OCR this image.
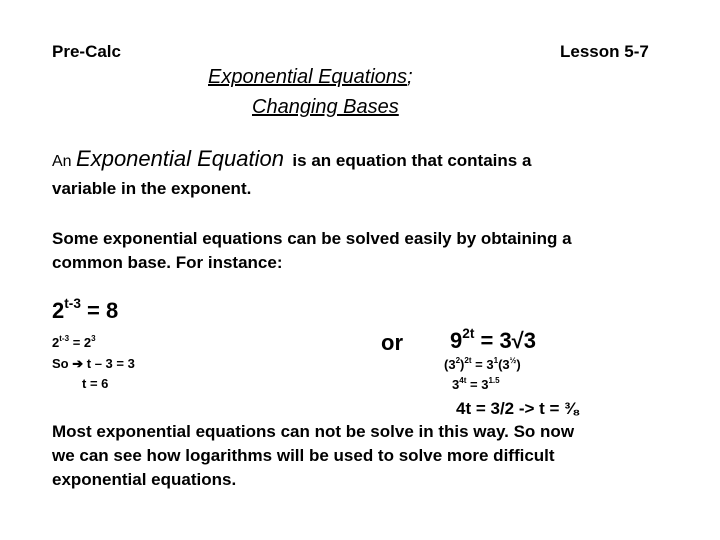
Pre-Calc	Lesson 5-7
Exponential Equations;
Changing Bases
An Exponential Equation is an equation that contains a
variable in the exponent.
Some exponential equations can be solved easily by obtaining a
common base. For instance:
$2^{t-3} = 8$
$2^{t-3} = 2^3$
So ➔ t – 3 = 3
t = 6
or $9^{2t} = 3√3$
$(3^2)^{2t} = 3^1(3^{\frac{1}{2}})$
$3^{4t} = 3^{1.5}$
4t = 3/2 -> t = ⅜
Most exponential equations can not be solve in this way. So now
we can see how logarithms will be used to solve more difficult
exponential equations.
